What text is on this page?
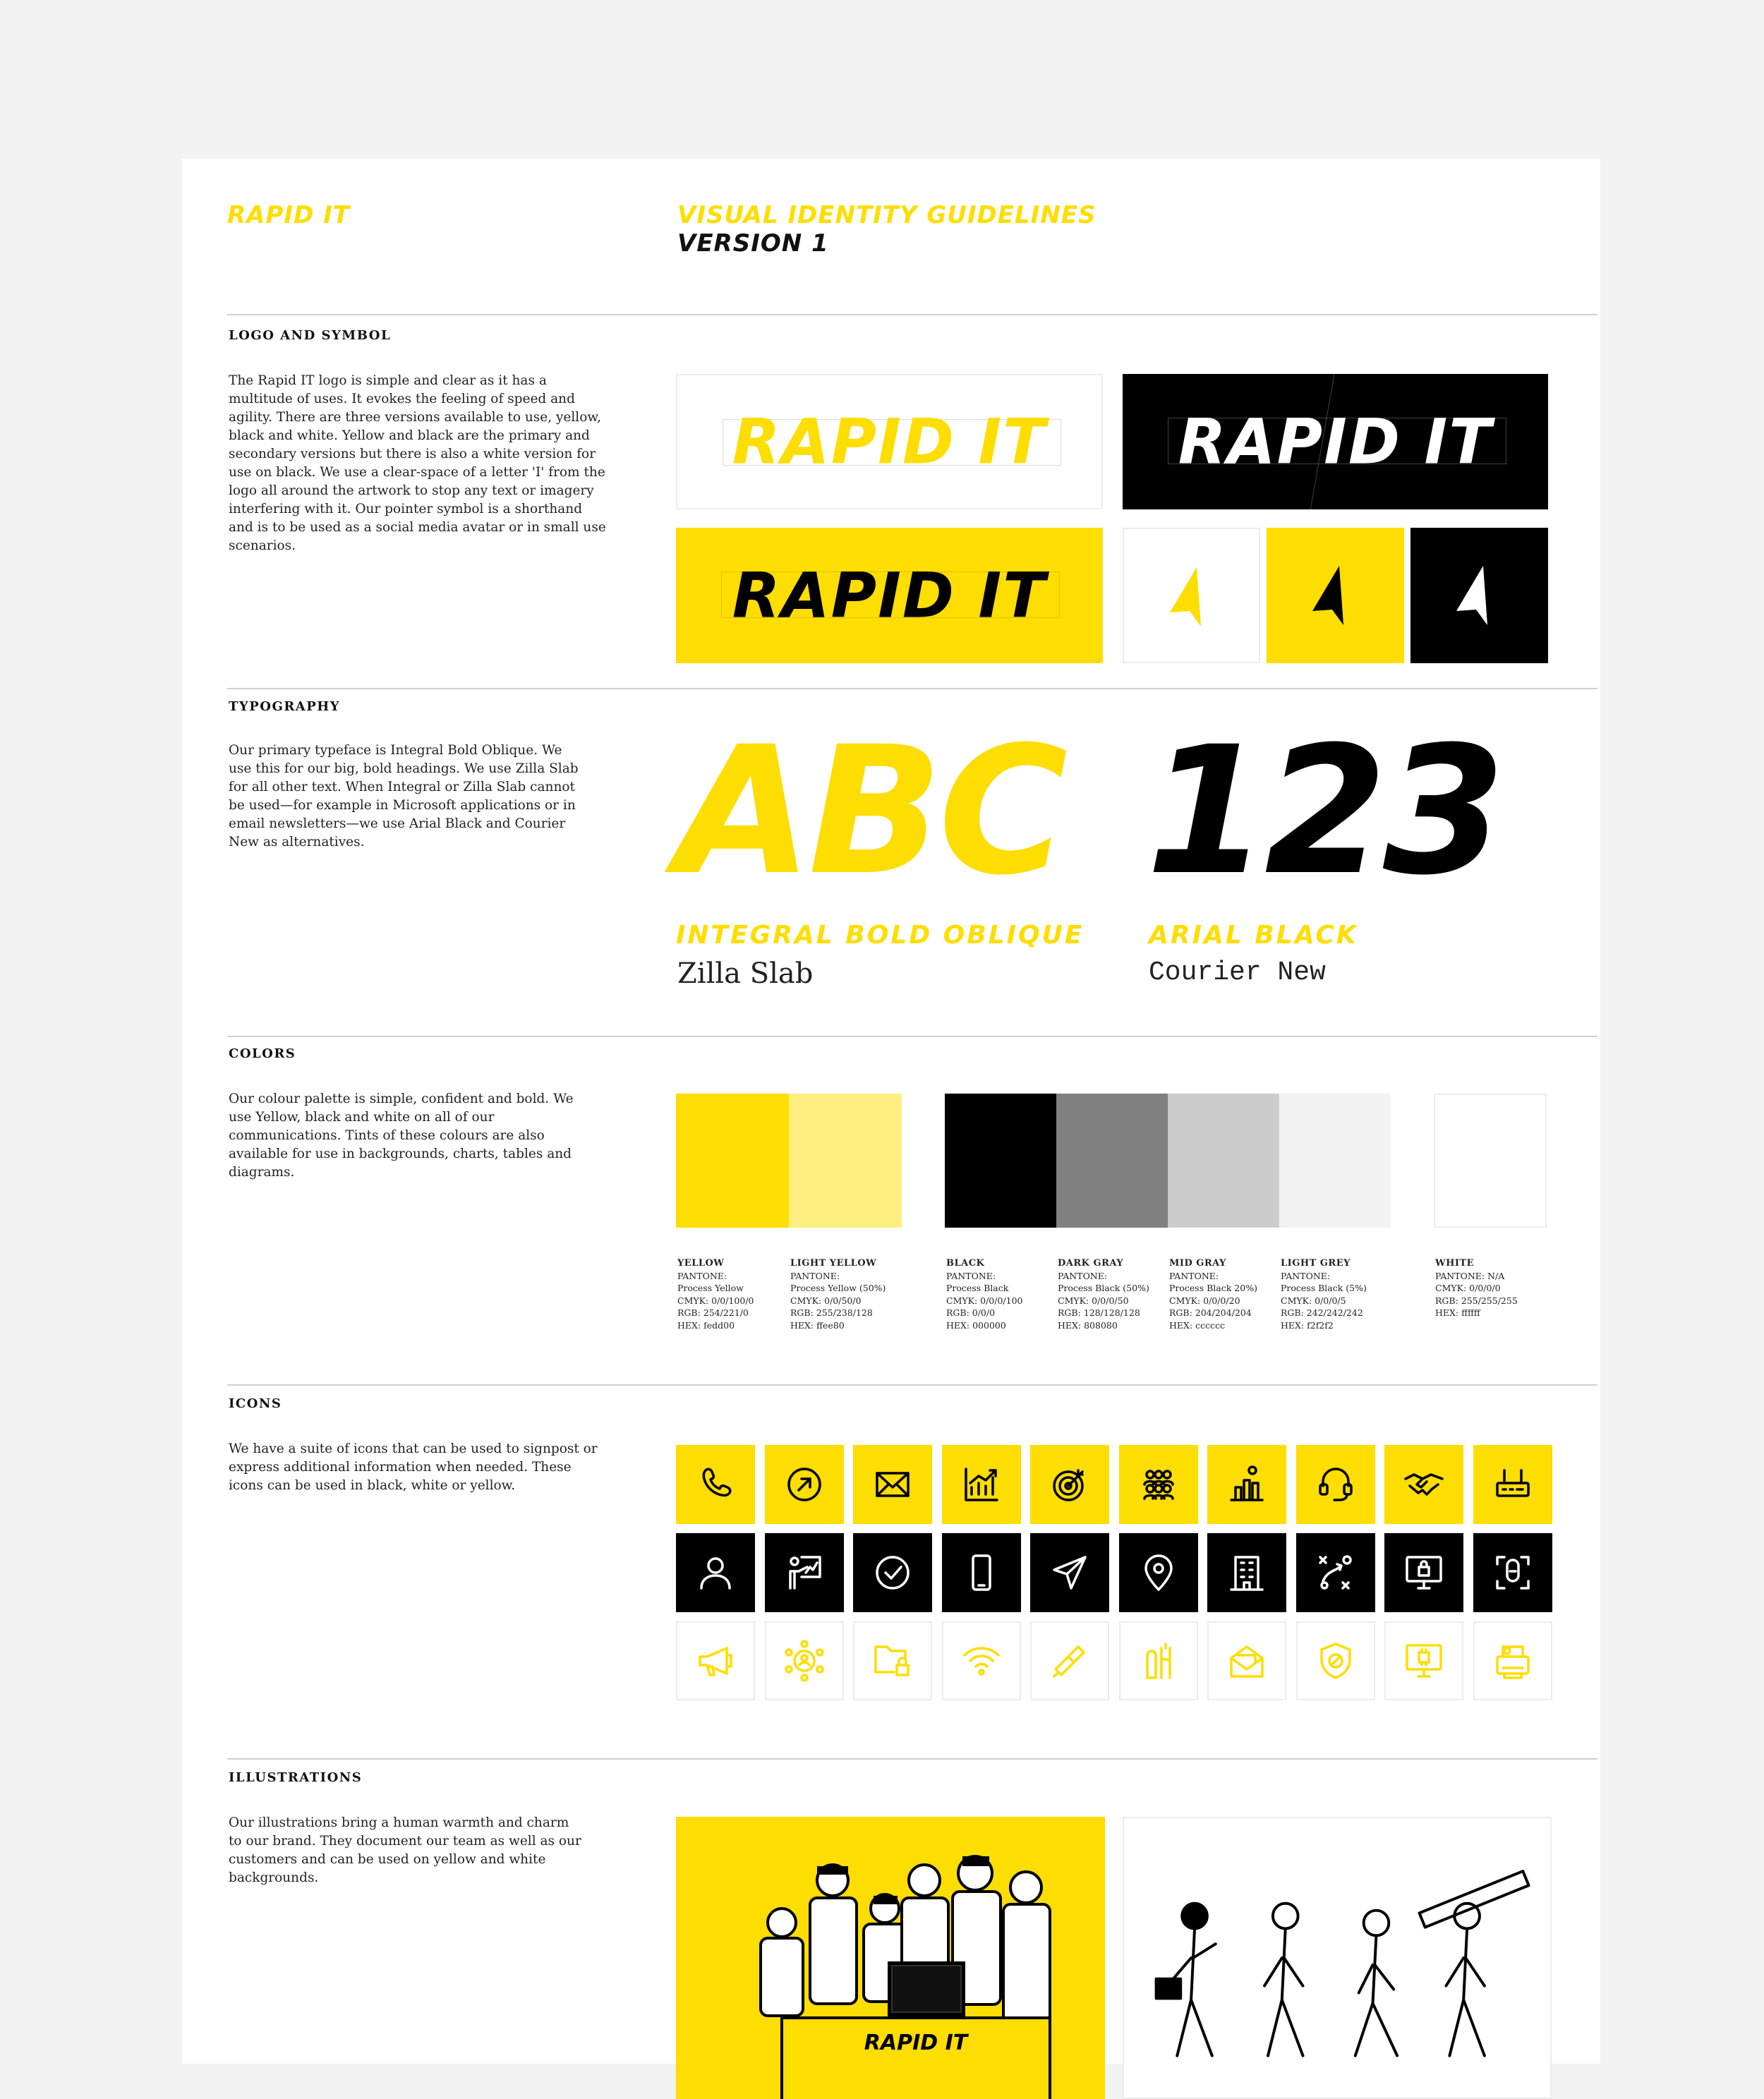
RAPID IT	VISUAL IDENTITY GUIDELINES
VERSION 1
LOGO AND SYMBOL

The Rapid IT logo is simple and clear as it has a multitude of uses. It evokes the feeling of speed and agility. There are three versions available to use, yellow, black and white. Yellow and black are the primary and secondary versions but there is also a white version for use on black. We use a clear-space of a letter 'I' from the logo all around the artwork to stop any text or imagery interfering with it. Our pointer symbol is a shorthand and is to be used as a social media avatar or in small use scenarios.

RAPID IT	RAPID IT
RAPID IT
TYPOGRAPHY

Our primary typeface is Integral Bold Oblique. We use this for our big, bold headings. We use Zilla Slab for all other text. When Integral or Zilla Slab cannot be used—for example in Microsoft applications or in email newsletters—we use Arial Black and Courier New as alternatives.	ABC 123
INTEGRAL BOLD OBLIQUE
Zilla Slab
ARIAL BLACK
Courier New
COLORS

Our colour palette is simple, confident and bold. We use Yellow, black and white on all of our communications. Tints of these colours are also available for use in backgrounds, charts, tables and diagrams.

YELLOW
PANTONE:
Process Yellow
CMYK: 0/0/100/0
RGB: 254/221/0
HEX: fedd00
LIGHT YELLOW
PANTONE:
Process Yellow (50%)
CMYK: 0/0/50/0
RGB: 255/238/128
HEX: ffee80
BLACK
PANTONE:
Process Black
CMYK: 0/0/0/100
RGB: 0/0/0
HEX: 000000
DARK GRAY
PANTONE:
Process Black (50%)
CMYK: 0/0/0/50
RGB: 128/128/128
HEX: 808080
MID GRAY
PANTONE:
Process Black 20%)
CMYK: 0/0/0/20
RGB: 204/204/204
HEX: cccccc
LIGHT GREY
PANTONE:
Process Black (5%)
CMYK: 0/0/0/5
RGB: 242/242/242
HEX: f2f2f2
WHITE
PANTONE: N/A
CMYK: 0/0/0/0
RGB: 255/255/255
HEX: ffffff
ICONS

We have a suite of icons that can be used to signpost or express additional information when needed. These icons can be used in black, white or yellow.

ILLUSTRATIONS

Our illustrations bring a human warmth and charm to our brand. They document our team as well as our customers and can be used on yellow and white backgrounds.

RAPID IT
